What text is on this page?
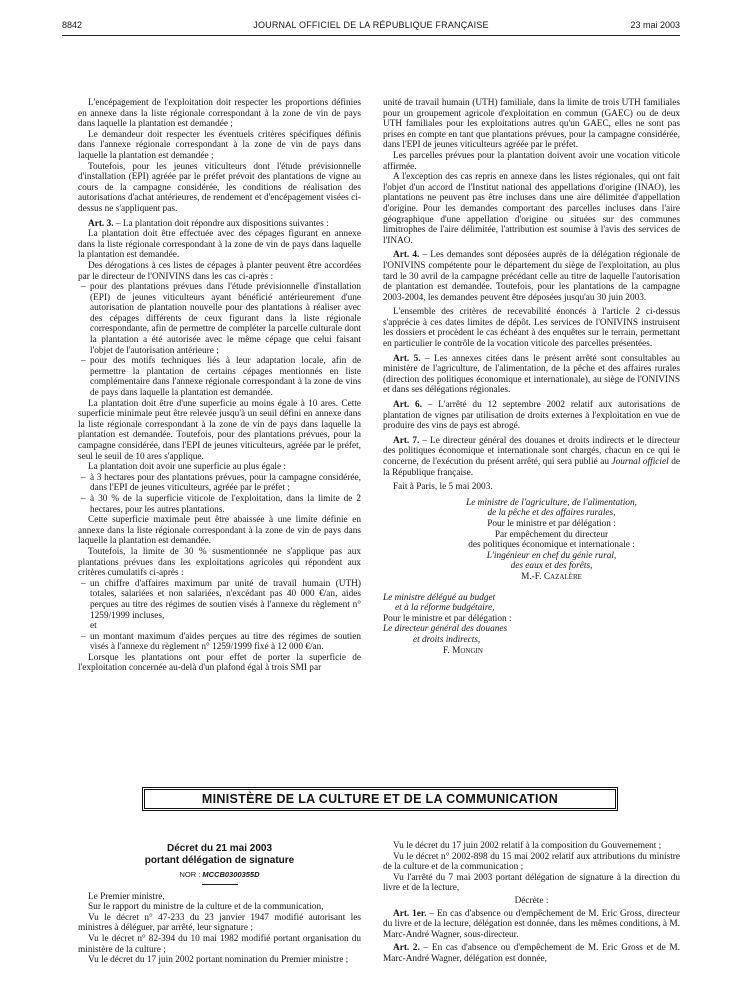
8842	JOURNAL OFFICIEL DE LA RÉPUBLIQUE FRANÇAISE	23 mai 2003

L'encépagement de l'exploitation doit respecter les proportions définies en annexe dans la liste régionale correspondant à la zone de vin de pays dans laquelle la plantation est demandée ;

Le demandeur doit respecter les éventuels critères spécifiques définis dans l'annexe régionale correspondant à la zone de vin de pays dans laquelle la plantation est demandée ;

Toutefois, pour les jeunes viticulteurs dont l'étude prévisionnelle d'installation (EPI) agréée par le préfet prévoit des plantations de vigne au cours de la campagne considérée, les conditions de réalisation des autorisations d'achat antérieures, de rendement et d'encépagement visées ci-dessus ne s'appliquent pas.

Art. 3. – La plantation doit répondre aux dispositions suivantes :

La plantation doit être effectuée avec des cépages figurant en annexe dans la liste régionale correspondant à la zone de vin de pays dans laquelle la plantation est demandée.

Des dérogations à ces listes de cépages à planter peuvent être accordées par le directeur de l'ONIVINS dans les cas ci-après :

– pour des plantations prévues dans l'étude prévisionnelle d'installation (EPI) de jeunes viticulteurs ayant bénéficié antérieurement d'une autorisation de plantation nouvelle pour des plantations à réaliser avec des cépages différents de ceux figurant dans la liste régionale correspondante, afin de permettre de compléter la parcelle culturale dont la plantation a été autorisée avec le même cépage que celui faisant l'objet de l'autorisation antérieure ;
– pour des motifs techniques liés à leur adaptation locale, afin de permettre la plantation de certains cépages mentionnés en liste complémentaire dans l'annexe régionale correspondant à la zone de vins de pays dans laquelle la plantation est demandée.

La plantation doit être d'une superficie au moins égale à 10 ares. Cette superficie minimale peut être relevée jusqu'à un seuil défini en annexe dans la liste régionale correspondant à la zone de vin de pays dans laquelle la plantation est demandée. Toutefois, pour des plantations prévues, pour la campagne considérée, dans l'EPI de jeunes viticulteurs, agréée par le préfet, seul le seuil de 10 ares s'applique.

La plantation doit avoir une superficie au plus égale :

– à 3 hectares pour des plantations prévues, pour la campagne considérée, dans l'EPI de jeunes viticulteurs, agréée par le préfet ;
– à 30 % de la superficie viticole de l'exploitation, dans la limite de 2 hectares, pour les autres plantations.

Cette superficie maximale peut être abaissée à une limite définie en annexe dans la liste régionale correspondant à la zone de vin de pays dans laquelle la plantation est demandée.

Toutefois, la limite de 30 % susmentionnée ne s'applique pas aux plantations prévues dans les exploitations agricoles qui répondent aux critères cumulatifs ci-après :

– un chiffre d'affaires maximum par unité de travail humain (UTH) totales, salariées et non salariées, n'excédant pas 40 000 €/an, aides perçues au titre des régimes de soutien visés à l'annexe du règlement n° 1259/1999 incluses,

et

– un montant maximum d'aides perçues au titre des régimes de soutien visés à l'annexe du règlement n° 1259/1999 fixé à 12 000 €/an.

Lorsque les plantations ont pour effet de porter la superficie de l'exploitation concernée au-delà d'un plafond égal à trois SMI par

unité de travail humain (UTH) familiale, dans la limite de trois UTH familiales pour un groupement agricole d'exploitation en commun (GAEC) ou de deux UTH familiales pour les exploitations autres qu'un GAEC, elles ne sont pas prises en compte en tant que plantations prévues, pour la campagne considérée, dans l'EPI de jeunes viticulteurs agréée par le préfet.

Les parcelles prévues pour la plantation doivent avoir une vocation viticole affirmée.

A l'exception des cas repris en annexe dans les listes régionales, qui ont fait l'objet d'un accord de l'Institut national des appellations d'origine (INAO), les plantations ne peuvent pas être incluses dans une aire délimitée d'appellation d'origine. Pour les demandes comportant des parcelles incluses dans l'aire géographique d'une appellation d'origine ou situées sur des communes limitrophes de l'aire délimitée, l'attribution est soumise à l'avis des services de l'INAO.

Art. 4. – Les demandes sont déposées auprès de la délégation régionale de l'ONIVINS compétente pour le département du siège de l'exploitation, au plus tard le 30 avril de la campagne précédant celle au titre de laquelle l'autorisation de plantation est demandée. Toutefois, pour les plantations de la campagne 2003-2004, les demandes peuvent être déposées jusqu'au 30 juin 2003.

L'ensemble des critères de recevabilité énoncés à l'article 2 ci-dessus s'apprécie à ces dates limites de dépôt. Les services de l'ONIVINS instruisent les dossiers et procèdent le cas échéant à des enquêtes sur le terrain, permettant en particulier le contrôle de la vocation viticole des parcelles présentées.

Art. 5. – Les annexes citées dans le présent arrêté sont consultables au ministère de l'agriculture, de l'alimentation, de la pêche et des affaires rurales (direction des politiques économique et internationale), au siège de l'ONIVINS et dans ses délégations régionales.

Art. 6. – L'arrêté du 12 septembre 2002 relatif aux autorisations de plantation de vignes par utilisation de droits externes à l'exploitation en vue de produire des vins de pays est abrogé.

Art. 7. – Le directeur général des douanes et droits indirects et le directeur des politiques économique et internationale sont chargés, chacun en ce qui le concerne, de l'exécution du présent arrêté, qui sera publié au Journal officiel de la République française.

Fait à Paris, le 5 mai 2003.

Le ministre de l'agriculture, de l'alimentation,
de la pêche et des affaires rurales,
Pour le ministre et par délégation :
Par empêchement du directeur
des politiques économique et internationale :
L'ingénieur en chef du génie rural,
des eaux et des forêts,
M.-F. Cazalère
Le ministre délégué au budget
et à la réforme budgétaire,
Pour le ministre et par délégation :
Le directeur général des douanes
et droits indirects,
F. Mongin
MINISTÈRE DE LA CULTURE ET DE LA COMMUNICATION
Décret du 21 mai 2003
portant délégation de signature
NOR : MCCB0300355D

Le Premier ministre,

Sur le rapport du ministre de la culture et de la communication,

Vu le décret n° 47-233 du 23 janvier 1947 modifié autorisant les ministres à déléguer, par arrêté, leur signature ;

Vu le décret n° 82-394 du 10 mai 1982 modifié portant organisation du ministère de la culture ;

Vu le décret du 17 juin 2002 portant nomination du Premier ministre ;

Vu le décret du 17 juin 2002 relatif à la composition du Gouvernement ;

Vu le décret n° 2002-898 du 15 mai 2002 relatif aux attributions du ministre de la culture et de la communication ;

Vu l'arrêté du 7 mai 2003 portant délégation de signature à la direction du livre et de la lecture,

Décrète :

Art. 1er. – En cas d'absence ou d'empêchement de M. Eric Gross, directeur du livre et de la lecture, délégation est donnée, dans les mêmes conditions, à M. Marc-André Wagner, sous-directeur.

Art. 2. – En cas d'absence ou d'empêchement de M. Eric Gross et de M. Marc-André Wagner, délégation est donnée,
